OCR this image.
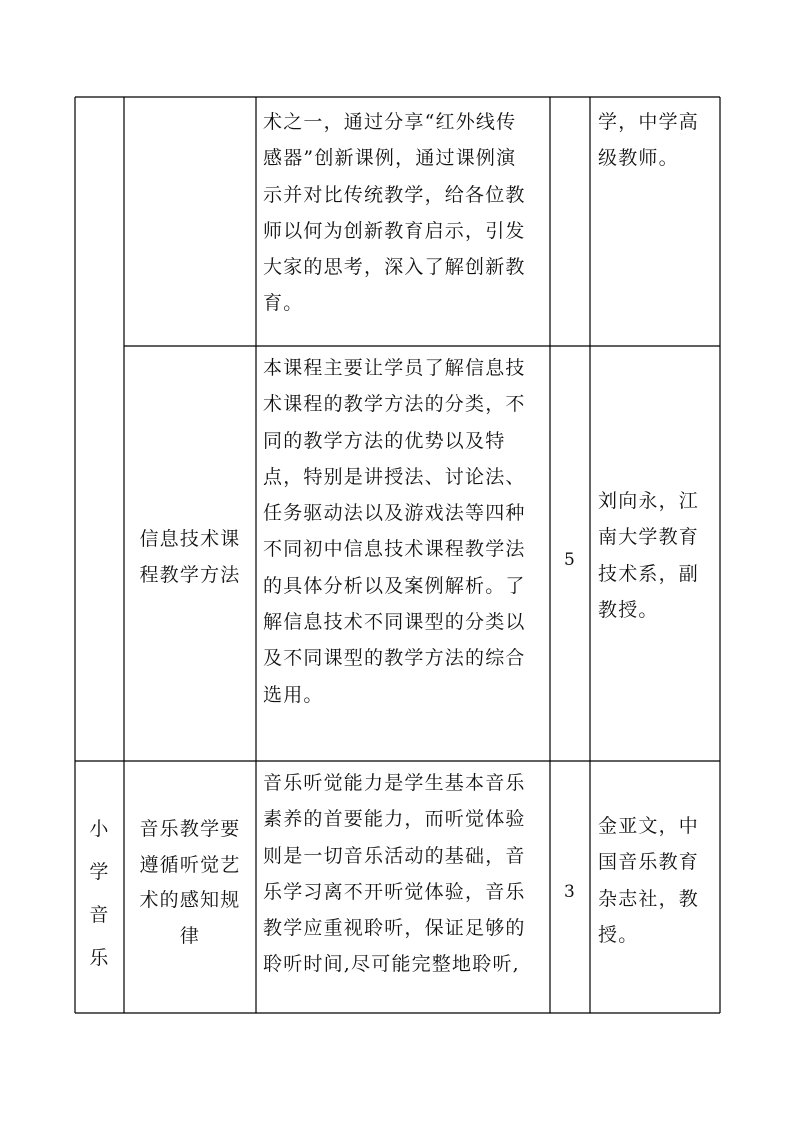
术之一，通过分享“红外线传
感器”创新课例，通过课例演
示并对比传统教学，给各位教
师以何为创新教育启示，引发
大家的思考，深入了解创新教
育。
学，中学高
级教师。
信息技术课
程教学方法
本课程主要让学员了解信息技
术课程的教学方法的分类，不
同的教学方法的优势以及特
点，特别是讲授法、讨论法、
任务驱动法以及游戏法等四种
不同初中信息技术课程教学法
的具体分析以及案例解析。了
解信息技术不同课型的分类以
及不同课型的教学方法的综合
选用。
5
刘向永，江
南大学教育
技术系，副
教授。
小
学
音
乐
音乐教学要
遵循听觉艺
术的感知规
律
音乐听觉能力是学生基本音乐
素养的首要能力，而听觉体验
则是一切音乐活动的基础，音
乐学习离不开听觉体验，音乐
教学应重视聆听，保证足够的
聆听时间,尽可能完整地聆听,
3
金亚文，中
国音乐教育
杂志社，教
授。
